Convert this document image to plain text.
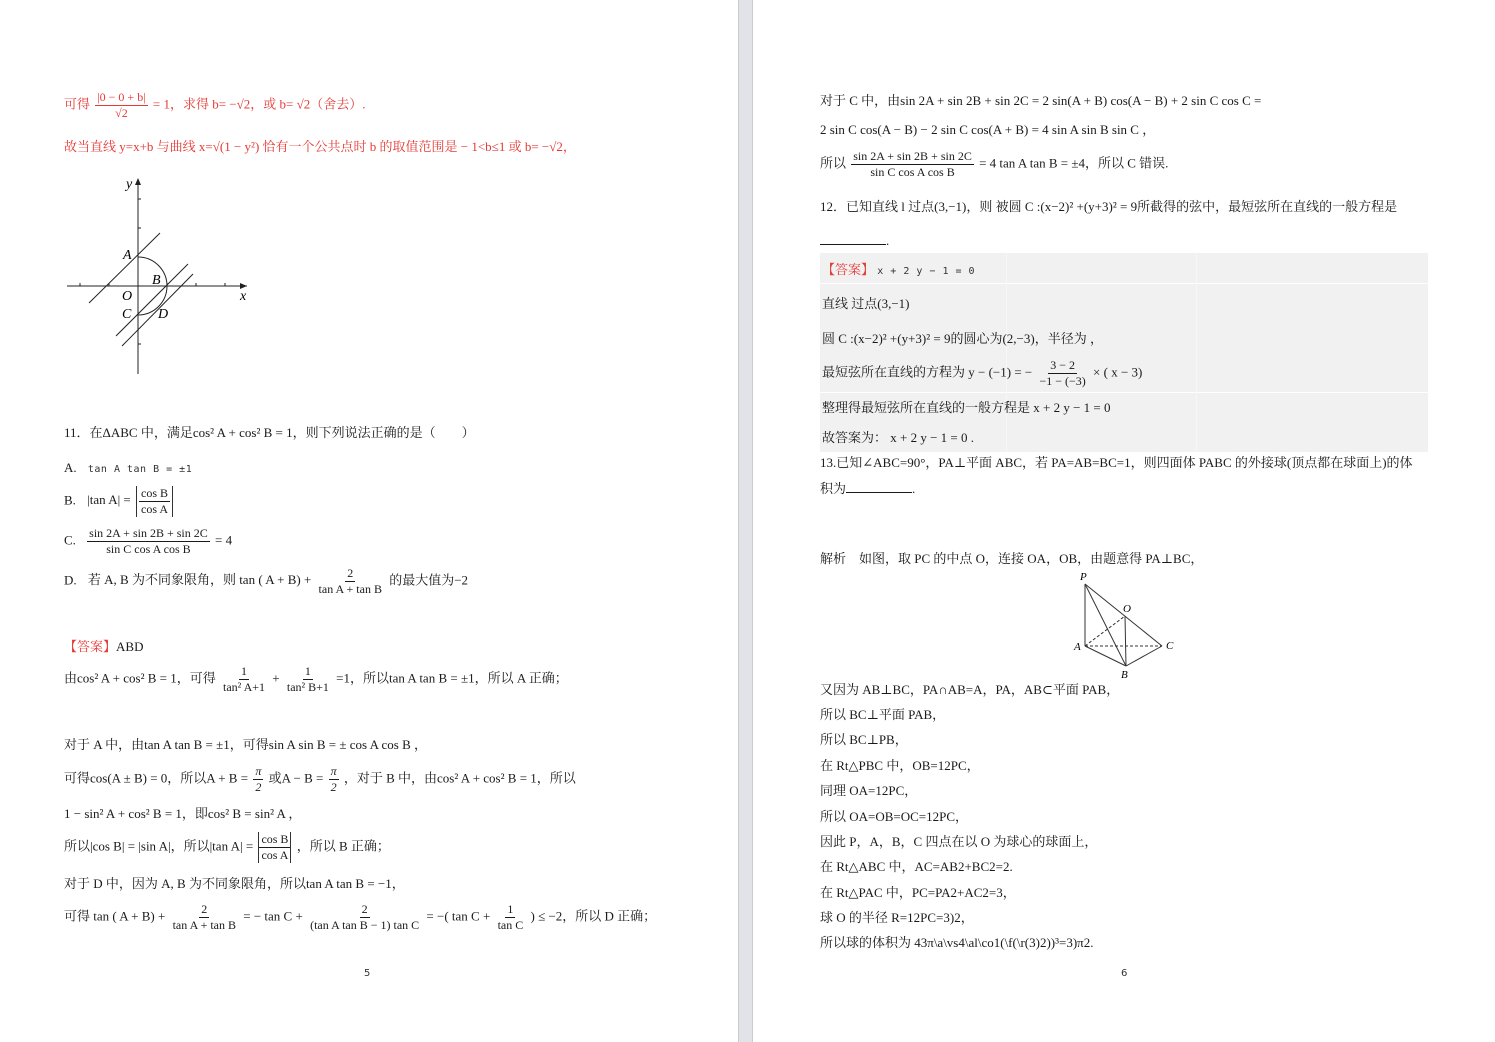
可得 $\frac{|0 - 0 + b|}{√2} = 1$，求得 b= −√2，或 b= √2（舍去）.
故当直线 y=x+b 与曲线 x=√(1 − y²) 恰有一个公共点时 b 的取值范围是 − 1<b≤1 或 b= −√2，
y
x
O
A
B
C D
11．在ΔABC 中，满足cos² A + cos² B = 1，则下列说法正确的是（　　）
A. tan A tan B = ±1
B. |tan $A| = \frac{\text{cos B}}{\text{cos A}}$
C. $\frac{\sin 2A + \sin 2B + \sin 2C}{\text{sin C cos A cos B}} = 4$
D. 若 A, B 为不同象限角，则 tan ( $A + B) + \frac{2}{\text{tan A + tan B}}$ 的最大值为−2
【答案】ABD
由cos² A + cos² B = 1，可得 $\frac{1}{\text{tan² A+1}} + \frac{1}{\text{tan² B+1}} =1$，所以tan A tan B = ±1，所以 A 正确；
对于 A 中，由tan A tan B = ±1，可得sin A sin B = ± cos A cos B ，
可得cos(A ± B) = 0，所以$A + B = \frac{\pi}{2}$ 或$A - B = \frac{\pi}{2}$ ，对于 B 中，由cos² A + cos² B = 1，所以
1 − sin² A + cos² B = 1，即cos² B = sin² A ，
所以|cos B| = |sin A|，所以|tan $A| = \frac{\text{cos B}}{\text{cos A}}$ ，所以 B 正确；
对于 D 中，因为 A, B 为不同象限角，所以tan A tan B = −1，
可得 tan ( $A + B) + \frac{2}{\text{tan A + tan B}}$ = − $\tan C + \frac{2}{\text{(tan A tan B − 1) tan C}}$ = −( $\tan C + \frac{1}{\text{tan C}}$ ) ≤ −2，所以 D 正确；
5
对于 C 中，由sin 2A + sin 2B + sin 2C = 2 sin(A + B) cos(A − B) + 2 sin C cos C =
2 sin C cos(A − B) − 2 sin C cos(A + B) = 4 sin A sin B sin C ，
所以 $\frac{\sin 2A + \sin 2B + \sin 2C}{\text{sin C cos A cos B}} = 4$ tan A tan B = ±4，所以 C 错误.
12．已知直线 l 过点(3,−1)，则 被圆 C :(x−2)² +(y+3)² = 9所截得的弦中，最短弦所在直线的一般方程是
.
【答案】 x + 2 y − 1 = 0
直线 过点(3,−1)
圆 C :(x−2)² +(y+3)² = 9的圆心为(2,−3)，半径为 ，
最短弦所在直线的方程为 y − (−1) = − $\frac{3 - 2}{-1 - (-3)}$ × ( x − 3)
整理得最短弦所在直线的一般方程是 x + 2 y − 1 = 0
故答案为： x + 2 y − 1 = 0 .
13.已知∠ABC=90°，PA⊥平面 ABC，若 PA=AB=BC=1，则四面体 PABC 的外接球(顶点都在球面上)的体
积为	.
解析　如图，取 PC 的中点 O，连接 OA，OB，由题意得 PA⊥BC，
P
O
A	C
B
又因为 AB⊥BC，PA∩AB=A，PA，AB⊂平面 PAB，
所以 BC⊥平面 PAB，
所以 BC⊥PB，
在 Rt△PBC 中，OB=12PC，
同理 OA=12PC，
所以 OA=OB=OC=12PC，
因此 P，A，B，C 四点在以 O 为球心的球面上，
在 Rt△ABC 中，AC=AB2+BC2=2.
在 Rt△PAC 中，PC=PA2+AC2=3，
球 O 的半径 R=12PC=3)2，
所以球的体积为 43π\a\vs4\al\co1(\f(\r(3)2))³=3)π2.
6
